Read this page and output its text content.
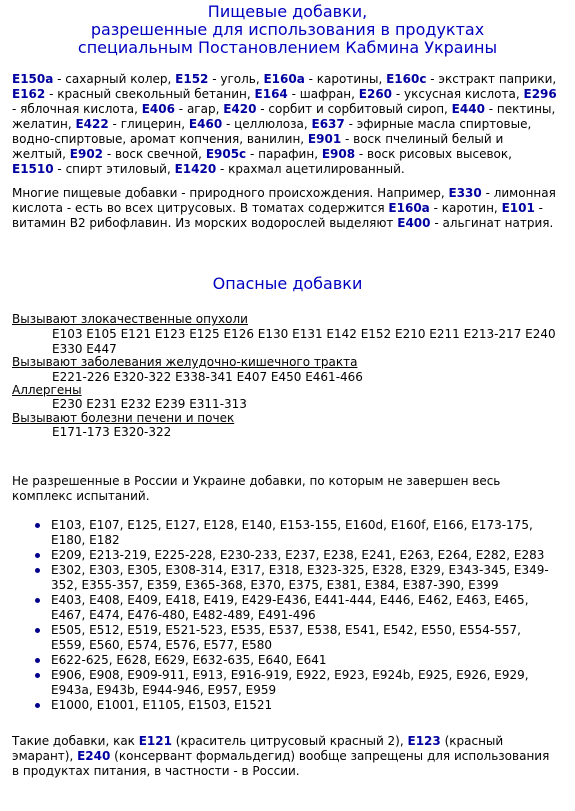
Пищевые добавки,
разрешенные для использования в продуктах
специальным Постановлением Кабмина Украины
E150a - сахарный колер, E152 - уголь, E160a - каротины, E160c - экстракт паприки, E162 - красный свекольный бетанин, E164 - шафран, E260 - уксусная кислота, E296 - яблочная кислота, E406 - агар, E420 - сорбит и сорбитовый сироп, E440 - пектины, желатин, E422 - глицерин, E460 - целлюлоза, E637 - эфирные масла спиртовые, водно-спиртовые, аромат копчения, ванилин, E901 - воск пчелиный белый и желтый, E902 - воск свечной, E905c - парафин, E908 - воск рисовых высевок, E1510 - спирт этиловый, E1420 - крахмал ацетилированный.
Многие пищевые добавки - природного происхождения. Например, E330 - лимонная кислота - есть во всех цитрусовых. В томатах содержится E160a - каротин, E101 - витамин B2 рибофлавин. Из морских водорослей выделяют E400 - альгинат натрия.
Опасные добавки
Вызывают злокачественные опухоли
E103 E105 E121 E123 E125 E126 E130 E131 E142 E152 E210 E211 E213-217 E240 E330 E447
Вызывают заболевания желудочно-кишечного тракта
E221-226 E320-322 E338-341 E407 E450 E461-466
Аллергены
E230 E231 E232 E239 E311-313
Вызывают болезни печени и почек
E171-173 E320-322
Не разрешенные в России и Украине добавки, по которым не завершен весь комплекс испытаний.
E103, E107, E125, E127, E128, E140, E153-155, E160d, E160f, E166, E173-175, E180, E182
E209, E213-219, E225-228, E230-233, E237, E238, E241, E263, E264, E282, E283
E302, E303, E305, E308-314, E317, E318, E323-325, E328, E329, E343-345, E349-352, E355-357, E359, E365-368, E370, E375, E381, E384, E387-390, E399
E403, E408, E409, E418, E419, E429-E436, E441-444, E446, E462, E463, E465, E467, E474, E476-480, E482-489, E491-496
E505, E512, E519, E521-523, E535, E537, E538, E541, E542, E550, E554-557, E559, E560, E574, E576, E577, E580
E622-625, E628, E629, E632-635, E640, E641
E906, E908, E909-911, E913, E916-919, E922, E923, E924b, E925, E926, E929, E943a, E943b, E944-946, E957, E959
E1000, E1001, E1105, E1503, E1521
Такие добавки, как E121 (краситель цитрусовый красный 2), E123 (красный эмарант), E240 (консервант формальдегид) вообще запрещены для использования в продуктах питания, в частности - в России.
